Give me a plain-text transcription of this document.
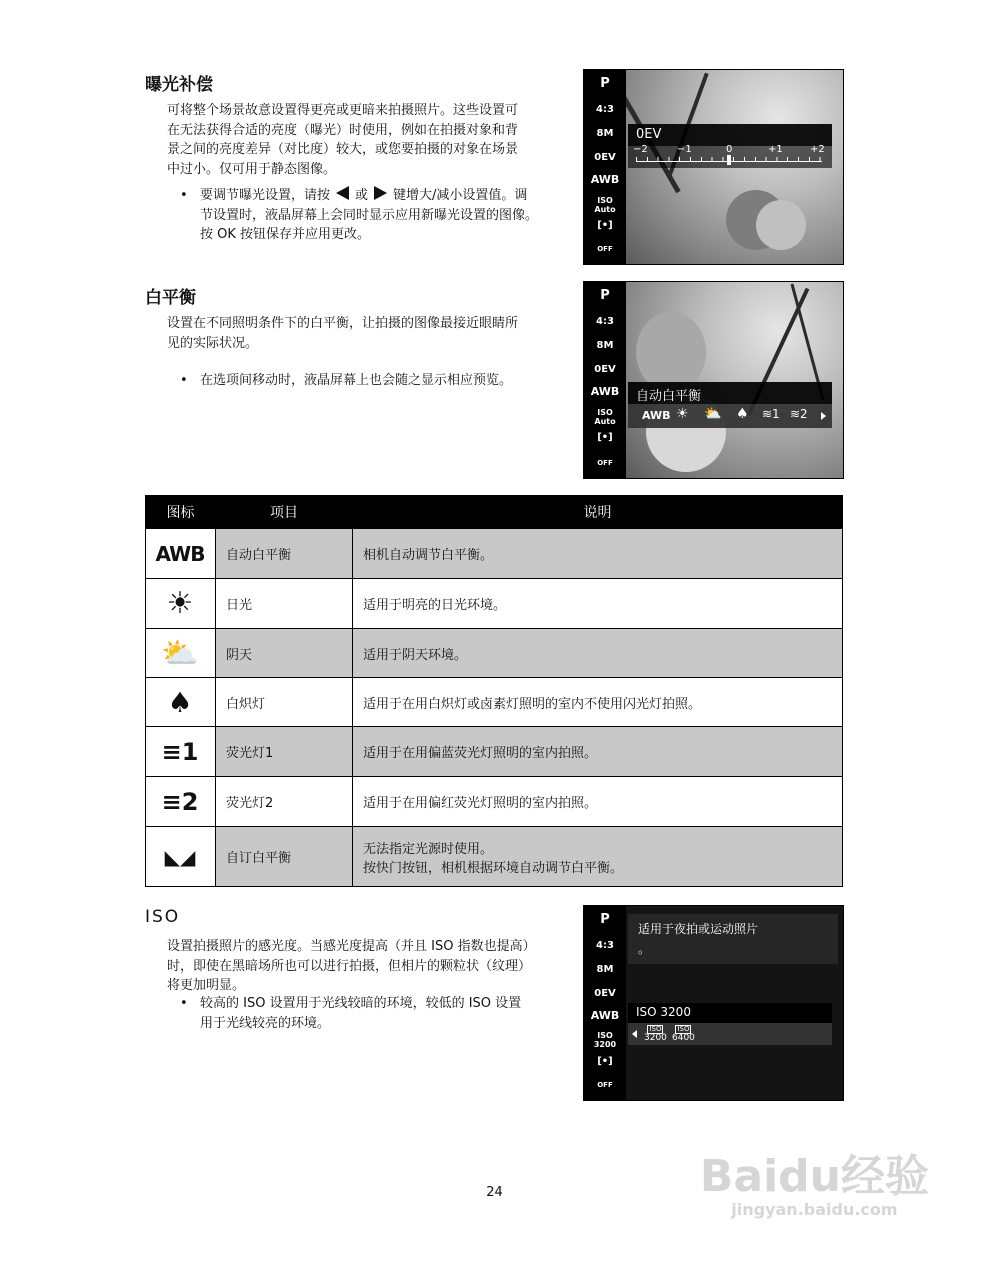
曝光补偿

可将整个场景故意设置得更亮或更暗来拍摄照片。这些设置可

在无法获得合适的亮度（曝光）时使用，例如在拍摄对象和背

景之间的亮度差异（对比度）较大，或您要拍摄的对象在场景

中过小。仅可用于静态图像。

• 要调节曝光设置，请按 或 键增大/减小设置值。调
节设置时，液晶屏幕上会同时显示应用新曝光设置的图像。
按 OK 按钮保存并应用更改。
P
4:3
8M
0EV
AWB
ISO
Auto
[•]
OFF
0EV
−2	−1	0	+1	+2
白平衡

设置在不同照明条件下的白平衡，让拍摄的图像最接近眼睛所

见的实际状况。

• 在选项间移动时，液晶屏幕上也会随之显示相应预览。
P
4:3
8M
0EV
AWB
ISO
Auto
[•]
OFF
自动白平衡
AWB ☀ ⛅ ♠ ≋1 ≋2
图标	项目	说明

AWB	自动白平衡	相机自动调节白平衡。

☀	日光	适用于明亮的日光环境。

⛅	阴天	适用于阴天环境。

♠	白炽灯	适用于在用白炽灯或卤素灯照明的室内不使用闪光灯拍照。

≡1	荧光灯1	适用于在用偏蓝荧光灯照明的室内拍照。

≡2	荧光灯2	适用于在用偏红荧光灯照明的室内拍照。

◣◢	自订白平衡	无法指定光源时使用。
按快门按钮，相机根据环境自动调节白平衡。
ISO

设置拍摄照片的感光度。当感光度提高（并且 ISO 指数也提高）

时，即使在黑暗场所也可以进行拍摄，但相片的颗粒状（纹理）

将更加明显。

• 较高的 ISO 设置用于光线较暗的环境，较低的 ISO 设置
用于光线较亮的环境。
P
4:3
8M
0EV
AWB
ISO
3200
[•]
OFF
适用于夜拍或运动照片
。
ISO 3200
ISO
3200
ISO
6400
24	Baidu经验
jingyan.baidu.com
